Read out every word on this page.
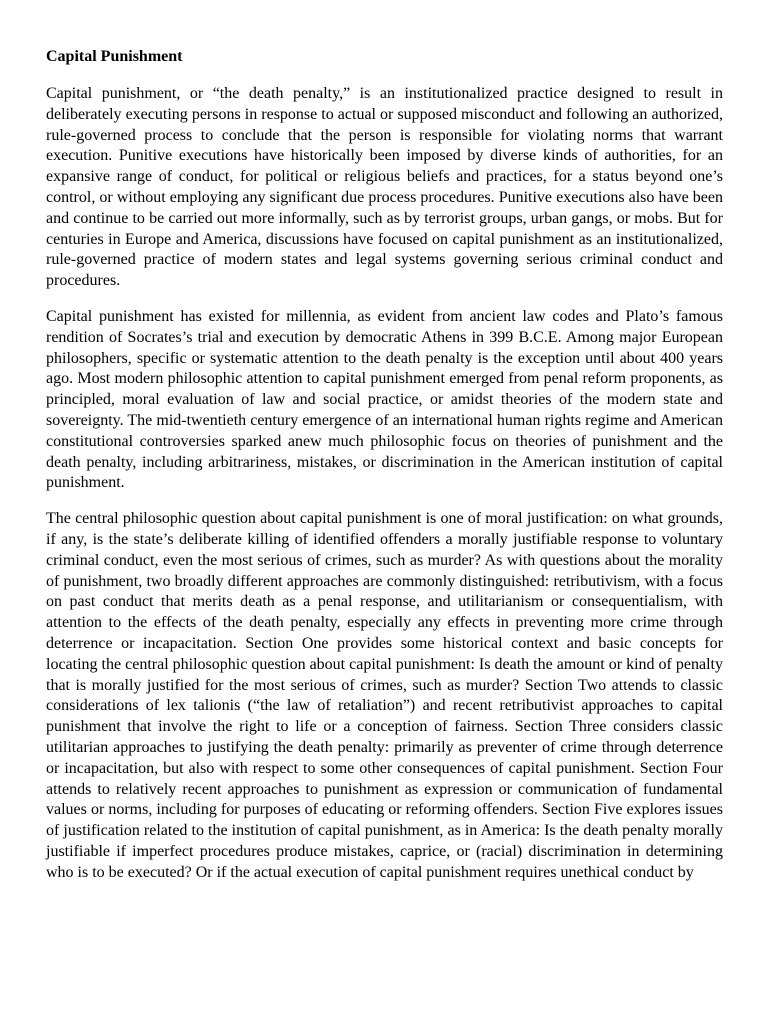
Capital Punishment

Capital punishment, or “the death penalty,” is an institutionalized practice designed to result in deliberately executing persons in response to actual or supposed misconduct and following an authorized, rule-governed process to conclude that the person is responsible for violating norms that warrant execution. Punitive executions have historically been imposed by diverse kinds of authorities, for an expansive range of conduct, for political or religious beliefs and practices, for a status beyond one’s control, or without employing any significant due process procedures. Punitive executions also have been and continue to be carried out more informally, such as by terrorist groups, urban gangs, or mobs. But for centuries in Europe and America, discussions have focused on capital punishment as an institutionalized, rule-governed practice of modern states and legal systems governing serious criminal conduct and procedures.

Capital punishment has existed for millennia, as evident from ancient law codes and Plato’s famous rendition of Socrates’s trial and execution by democratic Athens in 399 B.C.E. Among major European philosophers, specific or systematic attention to the death penalty is the exception until about 400 years ago. Most modern philosophic attention to capital punishment emerged from penal reform proponents, as principled, moral evaluation of law and social practice, or amidst theories of the modern state and sovereignty. The mid-twentieth century emergence of an international human rights regime and American constitutional controversies sparked anew much philosophic focus on theories of punishment and the death penalty, including arbitrariness, mistakes, or discrimination in the American institution of capital punishment.

The central philosophic question about capital punishment is one of moral justification: on what grounds, if any, is the state’s deliberate killing of identified offenders a morally justifiable response to voluntary criminal conduct, even the most serious of crimes, such as murder? As with questions about the morality of punishment, two broadly different approaches are commonly distinguished: retributivism, with a focus on past conduct that merits death as a penal response, and utilitarianism or consequentialism, with attention to the effects of the death penalty, especially any effects in preventing more crime through deterrence or incapacitation. Section One provides some historical context and basic concepts for locating the central philosophic question about capital punishment: Is death the amount or kind of penalty that is morally justified for the most serious of crimes, such as murder? Section Two attends to classic considerations of lex talionis (“the law of retaliation”) and recent retributivist approaches to capital punishment that involve the right to life or a conception of fairness. Section Three considers classic utilitarian approaches to justifying the death penalty: primarily as preventer of crime through deterrence or incapacitation, but also with respect to some other consequences of capital punishment. Section Four attends to relatively recent approaches to punishment as expression or communication of fundamental values or norms, including for purposes of educating or reforming offenders. Section Five explores issues of justification related to the institution of capital punishment, as in America: Is the death penalty morally justifiable if imperfect procedures produce mistakes, caprice, or (racial) discrimination in determining who is to be executed? Or if the actual execution of capital punishment requires unethical conduct by
